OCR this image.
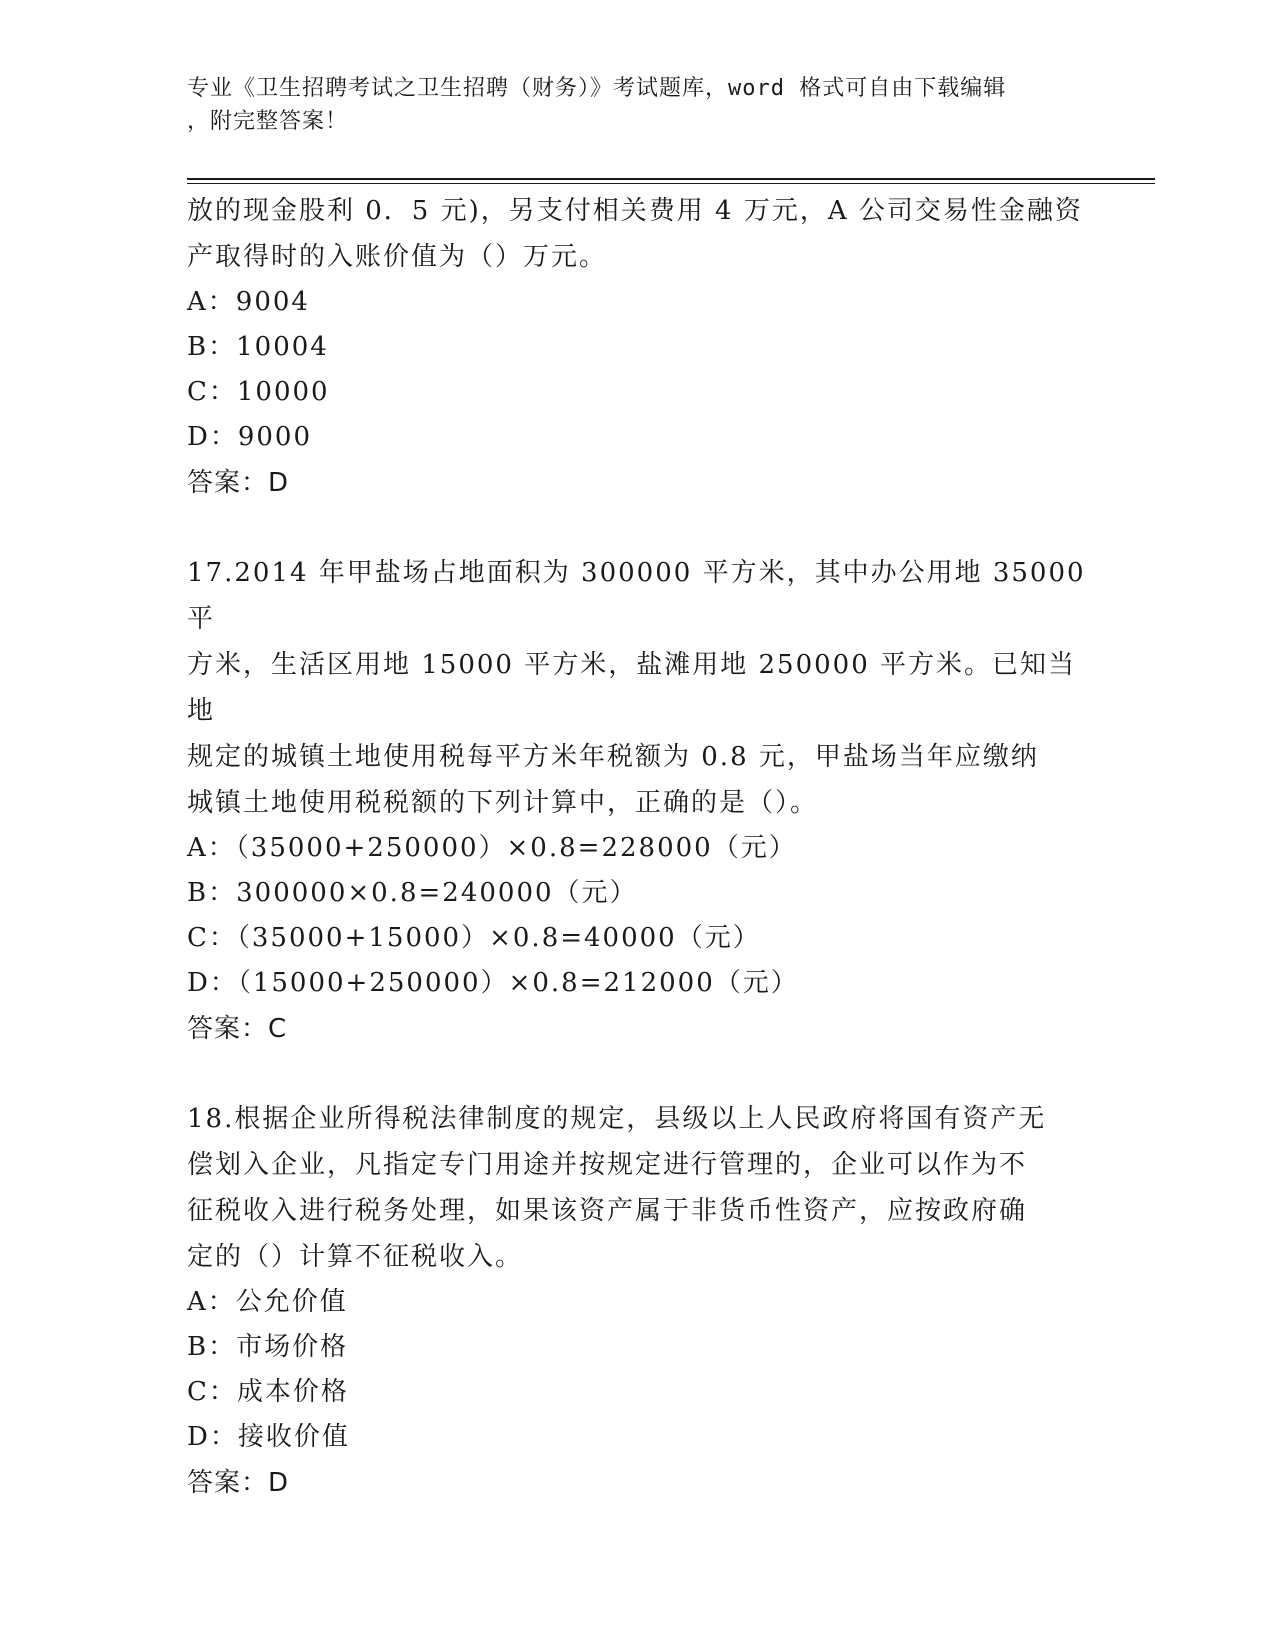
专业《卫生招聘考试之卫生招聘（财务）》考试题库，word 格式可自由下载编辑
，附完整答案！

放的现金股利 0．5 元)，另支付相关费用 4 万元，A 公司交易性金融资

产取得时的入账价值为（）万元。

A：9004

B：10004

C：10000

D：9000

答案：D

17.2014 年甲盐场占地面积为 300000 平方米，其中办公用地 35000 平

方米，生活区用地 15000 平方米，盐滩用地 250000 平方米。已知当地

规定的城镇土地使用税每平方米年税额为 0.8 元，甲盐场当年应缴纳

城镇土地使用税税额的下列计算中，正确的是（）。

A：（35000+250000）×0.8=228000（元）

B：300000×0.8=240000（元）

C：（35000+15000）×0.8=40000（元）

D：（15000+250000）×0.8=212000（元）

答案：C

18.根据企业所得税法律制度的规定，县级以上人民政府将国有资产无

偿划入企业，凡指定专门用途并按规定进行管理的，企业可以作为不

征税收入进行税务处理，如果该资产属于非货币性资产，应按政府确

定的（）计算不征税收入。

A：公允价值

B：市场价格

C：成本价格

D：接收价值

答案：D
